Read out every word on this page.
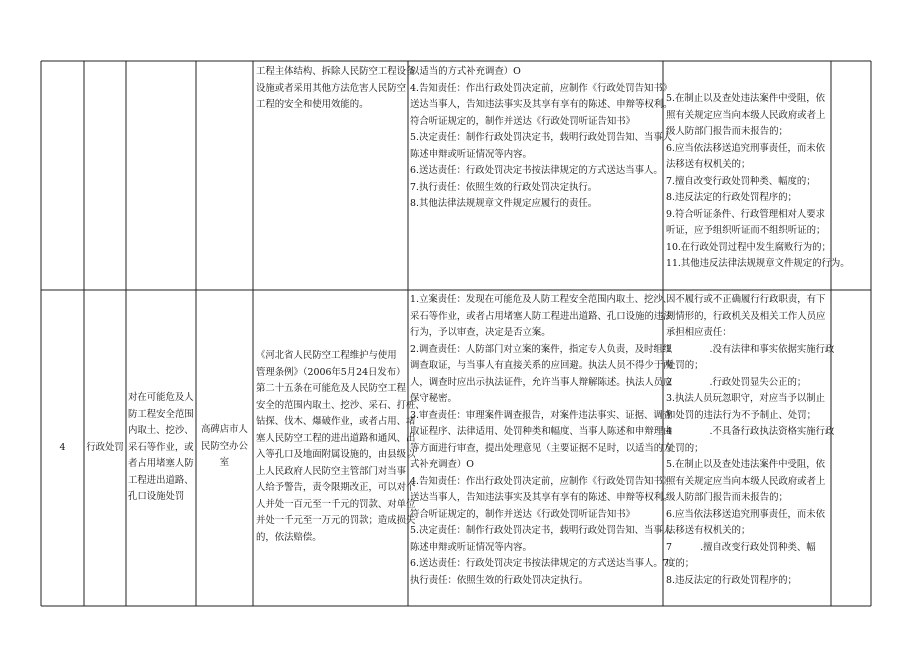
工程主体结构、拆除人民防空工程设备
设施或者采用其他方法危害人民防空
工程的安全和使用效能的。
以适当的方式补充调查）O
4.告知责任：作出行政处罚决定前，应制作《行政处罚告知书》
送达当事人，告知违法事实及其享有享有的陈述、申辩等权利。
符合听证规定的，制作并送达《行政处罚听证告知书》
5.决定责任：制作行政处罚决定书，载明行政处罚告知、当事人
陈述申辩或听证情况等内容。
6.送达责任：行政处罚决定书按法律规定的方式送达当事人。
7.执行责任：依照生效的行政处罚决定执行。
8.其他法律法规规章文件规定应履行的责任。
5.在制止以及查处违法案件中受阻，依
照有关规定应当向本级人民政府或者上
级人防部门报告而未报告的；
6.应当依法移送追究刑事责任，而未依
法移送有权机关的；
7.擅自改变行政处罚种类、幅度的；
8.违反法定的行政处罚程序的；
9.符合听证条件、行政管理相对人要求
听证，应予组织听证而不组织听证的；
10.在行政处罚过程中发生腐败行为的；
11.其他违反法律法规规章文件规定的行为。
4 行政处罚
对在可能危及人
防工程安全范围
内取土、挖沙、
采石等作业，或
者占用堵塞人防
工程进出道路、
孔口设施处罚
高碑店市人
民防空办公
室
《河北省人民防空工程维护与使用
管理条例》（2006年5月24日发布）
第二十五条在可能危及人民防空工程
安全的范围内取土、挖沙、采石、打桩、
钻探、伐木、爆破作业，或者占用、堵
塞人民防空工程的进出道路和通风、出
入等孔口及地面附属设施的，由县级以
上人民政府人民防空主管部门对当事
人给予警告，责令限期改正，可以对个
人并处一百元至一千元的罚款、对单位
并处一千元至一万元的罚款；造成损失
的，依法赔偿。
1.立案责任：发现在可能危及人防工程安全范围内取土、挖沙、
采石等作业，或者占用堵塞人防工程进出道路、孔口设施的违法
行为，予以审查，决定是否立案。
2.调查责任：人防部门对立案的案件，指定专人负责，及时组织
调查取证，与当事人有直接关系的应回避。执法人员不得少于两
人，调查时应出示执法证件，允许当事人辩解陈述。执法人员应
保守秘密。
3.审查责任：审理案件调查报告，对案件违法事实、证据、调查
取证程序、法律适用、处罚种类和幅度、当事人陈述和申辩理由
等方面进行审查，提出处理意见（主要证据不足时，以适当的方
式补充调查）O
4.告知责任：作出行政处罚决定前，应制作《行政处罚告知书》
送达当事人，告知违法事实及其享有享有的陈述、申辩等权利。
符合听证规定的，制作并送达《行政处罚听证告知书》
5.决定责任：制作行政处罚决定书，载明行政处罚告知、当事人
陈述申辩或听证情况等内容。
6.送达责任：行政处罚决定书按法律规定的方式送达当事人。7.
执行责任：依照生效的行政处罚决定执行。
因不履行或不正确履行行政职责，有下
列情形的，行政机关及相关工作人员应
承担相应责任：
1　　　　.没有法律和事实依据实施行政
处罚的；
2　　　　.行政处罚显失公正的；
3.执法人员玩忽职守，对应当予以制止
和处罚的违法行为不予制止、处罚；
4　　　　.不具备行政执法资格实施行政
处罚的；
5.在制止以及查处违法案件中受阻，依
照有关规定应当向本级人民政府或者上
级人防部门报告而未报告的；
6.应当依法移送追究刑事责任，而未依
法移送有权机关的；
7　　　.擅自改变行政处罚种类、幅
度的；
8.违反法定的行政处罚程序的；
